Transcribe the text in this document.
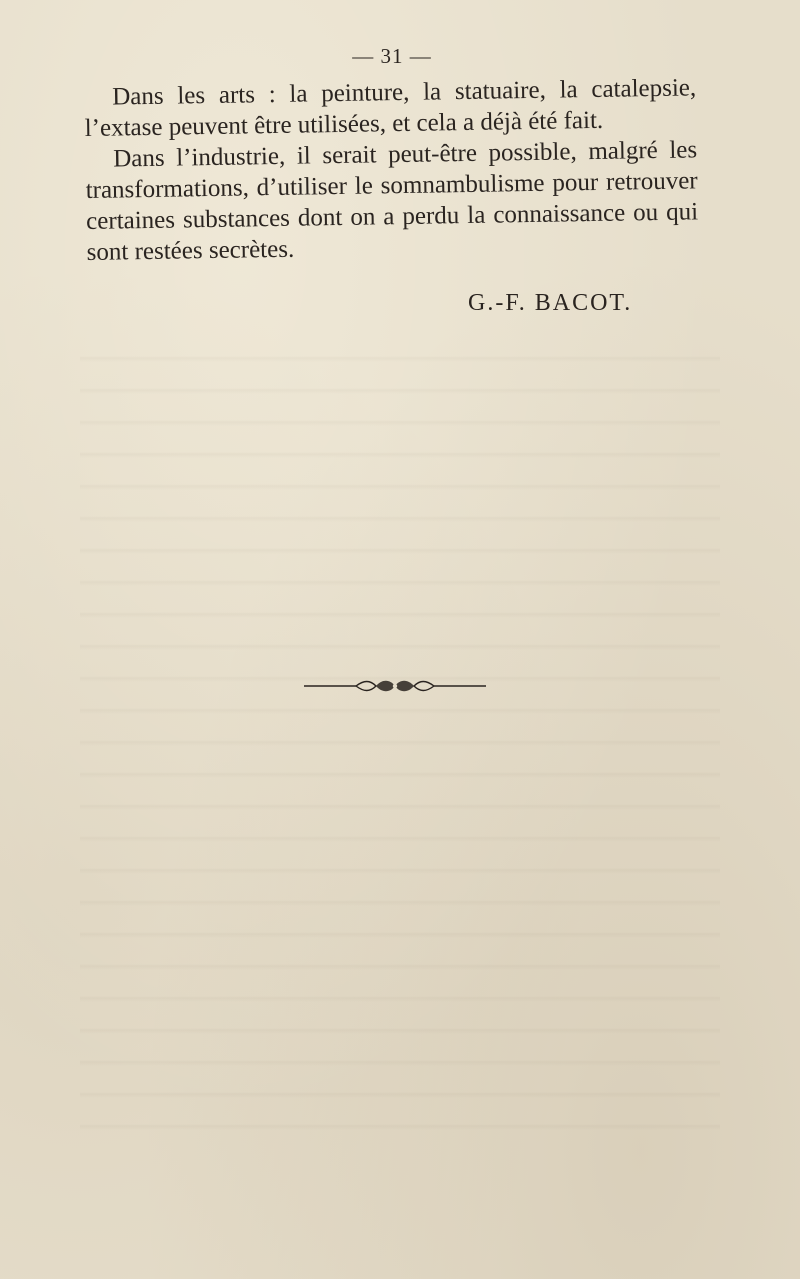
— 31 —

Dans les arts : la peinture, la statuaire, la catalepsie, l’extase peuvent être utilisées, et cela a déjà été fait.

Dans l’industrie, il serait peut-être possible, malgré les transformations, d’utiliser le somnambulisme pour retrouver certaines substances dont on a perdu la connaissance ou qui sont restées secrètes.

G.-F. BACOT.
